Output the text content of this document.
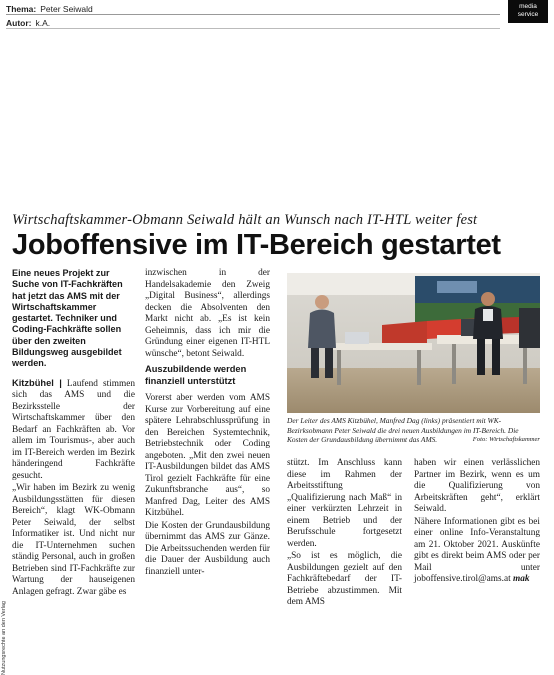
Thema: Peter Seiwald
Autor: k.A.
media
service
Nutzungsrechte an den Verlag
Wirtschaftskammer-Obmann Seiwald hält an Wunsch nach IT-HTL weiter fest
Joboffensive im IT-Bereich gestartet

Eine neues Projekt zur Suche von IT-Fachkräften hat jetzt das AMS mit der Wirtschaftskammer gestartet. Techniker und Coding-Fachkräfte sollen über den zweiten Bildungsweg ausgebildet werden.

Kitzbühel | Laufend stimmen sich das AMS und die Bezirksstelle der Wirtschaftskammer über den Bedarf an Fachkräften ab. Vor allem im Tourismus-, aber auch im IT-Bereich werden im Bezirk händeringend Fachkräfte gesucht.

„Wir haben im Bezirk zu wenig Ausbildungsstätten für diesen Bereich“, klagt WK-Obmann Peter Seiwald, der selbst Informatiker ist. Und nicht nur die IT-Unternehmen suchen ständig Personal, auch in großen Betrieben sind IT-Fachkräfte zur Wartung der hauseigenen Anlagen gefragt. Zwar gäbe es

inzwischen in der Handelsakademie den Zweig „Digital Business“, allerdings decken die Absolventen den Markt nicht ab. „Es ist kein Geheimnis, dass ich mir die Gründung einer eigenen IT-HTL wünsche“, betont Seiwald.

Auszubildende werden finanziell unterstützt

Vorerst aber werden vom AMS Kurse zur Vorbereitung auf eine spätere Lehrabschlussprüfung in den Bereichen Systemtechnik, Betriebstechnik oder Coding angeboten. „Mit den zwei neuen IT-Ausbildungen bildet das AMS Tirol gezielt Fachkräfte für eine Zukunftsbranche aus“, so Manfred Dag, Leiter des AMS Kitzbühel.

Die Kosten der Grundausbildung übernimmt das AMS zur Gänze. Die Arbeitssuchenden werden für die Dauer der Ausbildung auch finanziell unter-

Der Leiter des AMS Kitzbühel, Manfred Dag (links) präsentiert mit WK-Bezirksobmann Peter Seiwald die drei neuen Ausbildungen im IT-Bereich. Die Kosten der Grundausbildung übernimmt das AMS.	Foto: Wirtschaftskammer

stützt. Im Anschluss kann diese im Rahmen der Arbeitsstiftung „Qualifizierung nach Maß“ in einer verkürzten Lehrzeit in einem Betrieb und der Berufsschule fortgesetzt werden.

„So ist es möglich, die Ausbildungen gezielt auf den Fachkräftebedarf der IT-Betriebe abzustimmen. Mit dem AMS

haben wir einen verlässlichen Partner im Bezirk, wenn es um die Qualifizierung von Arbeitskräften geht“, erklärt Seiwald.

Nähere Informationen gibt es bei einer online Info-Veranstaltung am 21. Oktober 2021. Auskünfte gibt es direkt beim AMS oder per Mail unter joboffensive.tirol@ams.at mak
